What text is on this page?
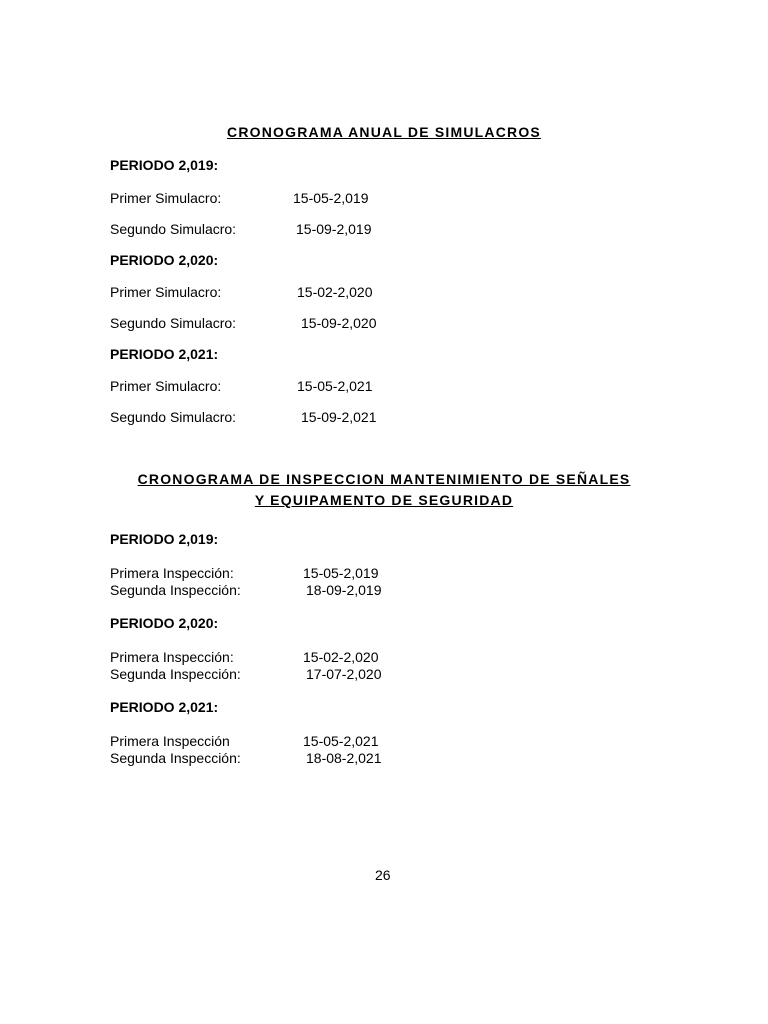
CRONOGRAMA ANUAL DE SIMULACROS
PERIODO 2,019:
Primer Simulacro:	15-05-2,019
Segundo Simulacro:	15-09-2,019
PERIODO 2,020:
Primer Simulacro:	15-02-2,020
Segundo Simulacro:	15-09-2,020
PERIODO 2,021:
Primer Simulacro:	15-05-2,021
Segundo Simulacro:	15-09-2,021
CRONOGRAMA DE INSPECCION MANTENIMIENTO DE SEÑALES
Y EQUIPAMENTO DE SEGURIDAD
PERIODO 2,019:
Primera Inspección:	15-05-2,019
Segunda Inspección:	18-09-2,019
PERIODO 2,020:
Primera Inspección:	15-02-2,020
Segunda Inspección:	17-07-2,020
PERIODO 2,021:
Primera Inspección	15-05-2,021
Segunda Inspección:	18-08-2,021
26
